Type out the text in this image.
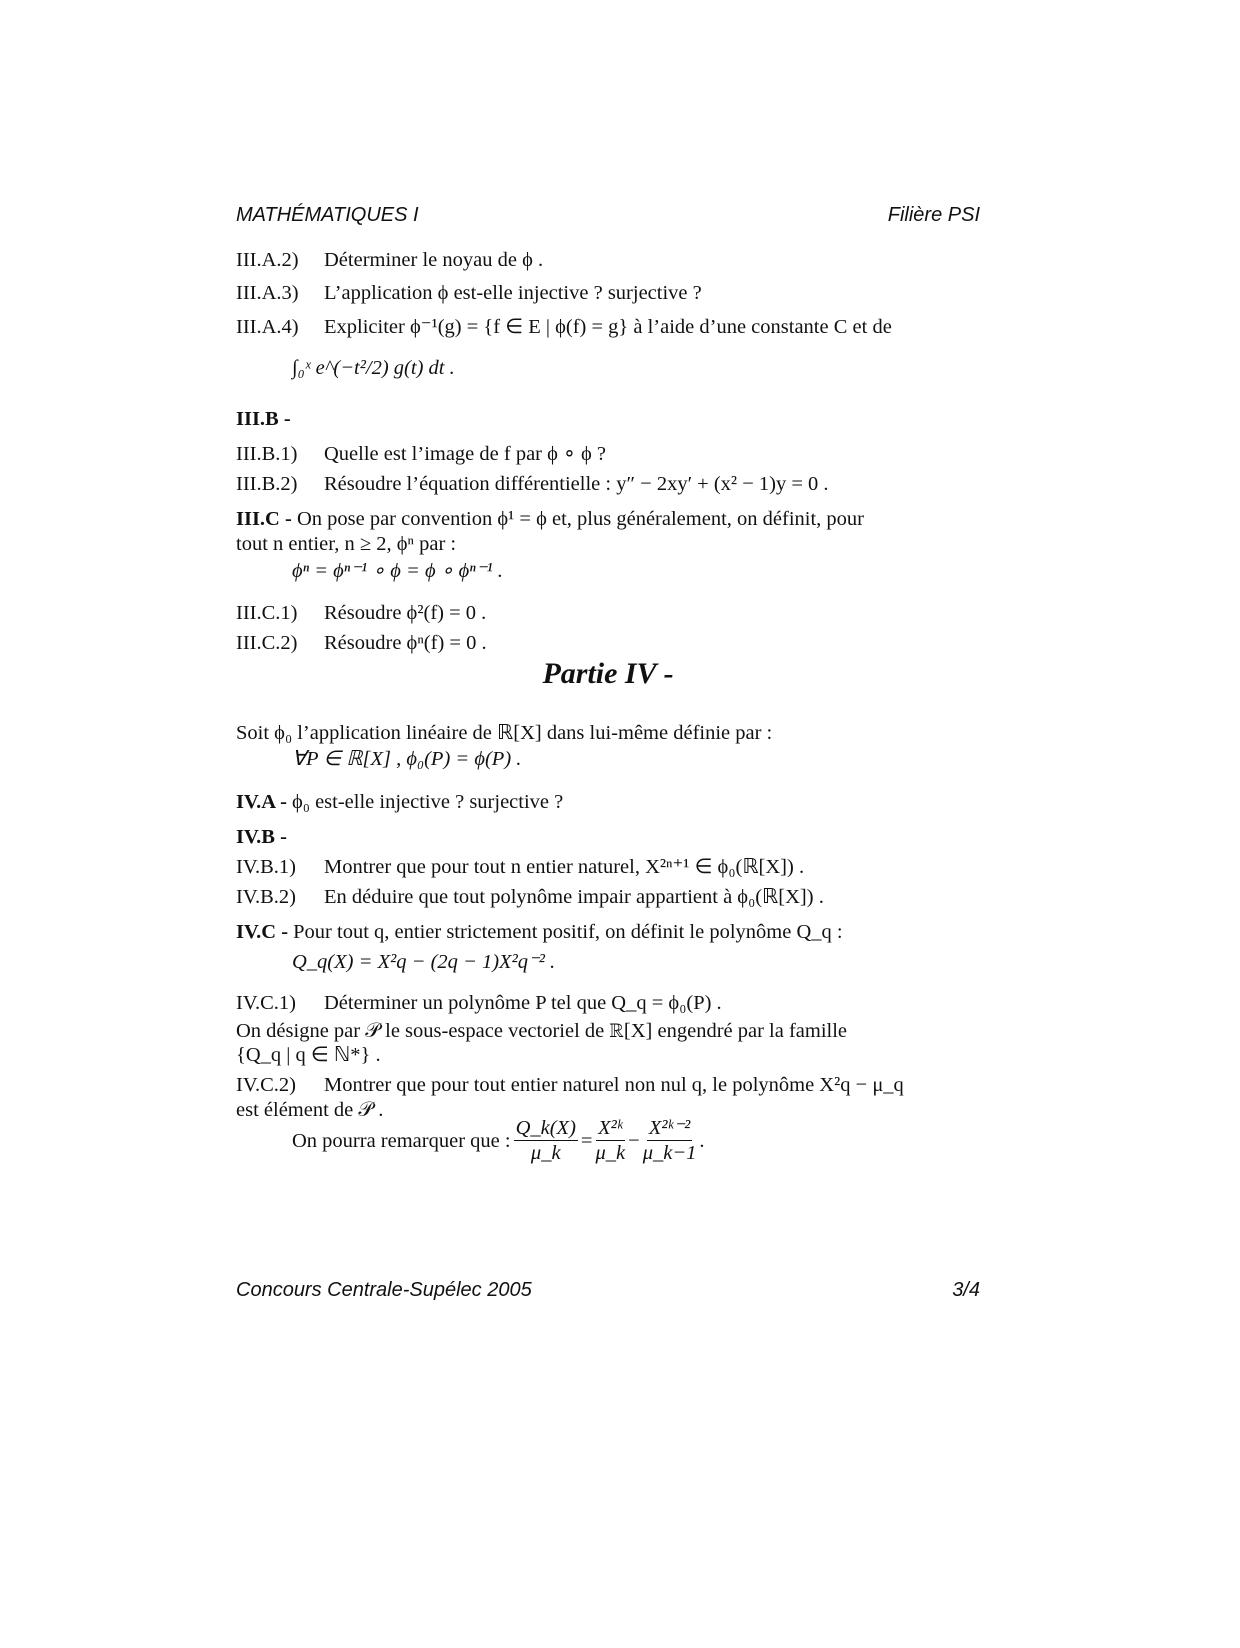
MATHÉMATIQUES I	Filière PSI
III.A.2) Déterminer le noyau de ϕ .
III.A.3) L’application ϕ est-elle injective ? surjective ?
III.A.4) Expliciter ϕ⁻¹(g) = {f ∈ E | ϕ(f) = g} à l’aide d’une constante C et de
∫₀ˣ e^(−t²/2) g(t) dt .
III.B -
III.B.1) Quelle est l’image de f par ϕ ∘ ϕ ?
III.B.2) Résoudre l’équation différentielle : y″ − 2xy′ + (x² − 1)y = 0 .
III.C - On pose par convention ϕ¹ = ϕ et, plus généralement, on définit, pour
tout n entier, n ≥ 2, ϕⁿ par :
ϕⁿ = ϕⁿ⁻¹ ∘ ϕ = ϕ ∘ ϕⁿ⁻¹ .
III.C.1) Résoudre ϕ²(f) = 0 .
III.C.2) Résoudre ϕⁿ(f) = 0 .
Partie IV -
Soit ϕ₀ l’application linéaire de ℝ[X] dans lui-même définie par :
∀P ∈ ℝ[X] , ϕ₀(P) = ϕ(P) .
IV.A - ϕ₀ est-elle injective ? surjective ?
IV.B -
IV.B.1) Montrer que pour tout n entier naturel, X²ⁿ⁺¹ ∈ ϕ₀(ℝ[X]) .
IV.B.2) En déduire que tout polynôme impair appartient à ϕ₀(ℝ[X]) .
IV.C - Pour tout q, entier strictement positif, on définit le polynôme Q_q :
Q_q(X) = X²q − (2q − 1)X²q⁻² .
IV.C.1) Déterminer un polynôme P tel que Q_q = ϕ₀(P) .
On désigne par 𝒫 le sous-espace vectoriel de ℝ[X] engendré par la famille
{Q_q | q ∈ ℕ*} .
IV.C.2) Montrer que pour tout entier naturel non nul q, le polynôme X²q − μ_q
est élément de 𝒫 .
On pourra remarquer que : $\frac{Q\_k(X)}{\mu\_k} = \frac{\text{X²ᵏ}}{\mu\_k} - \frac{\text{X²ᵏ⁻²}}{\mu\_k-1}$ .
Concours Centrale-Supélec 2005	3/4
